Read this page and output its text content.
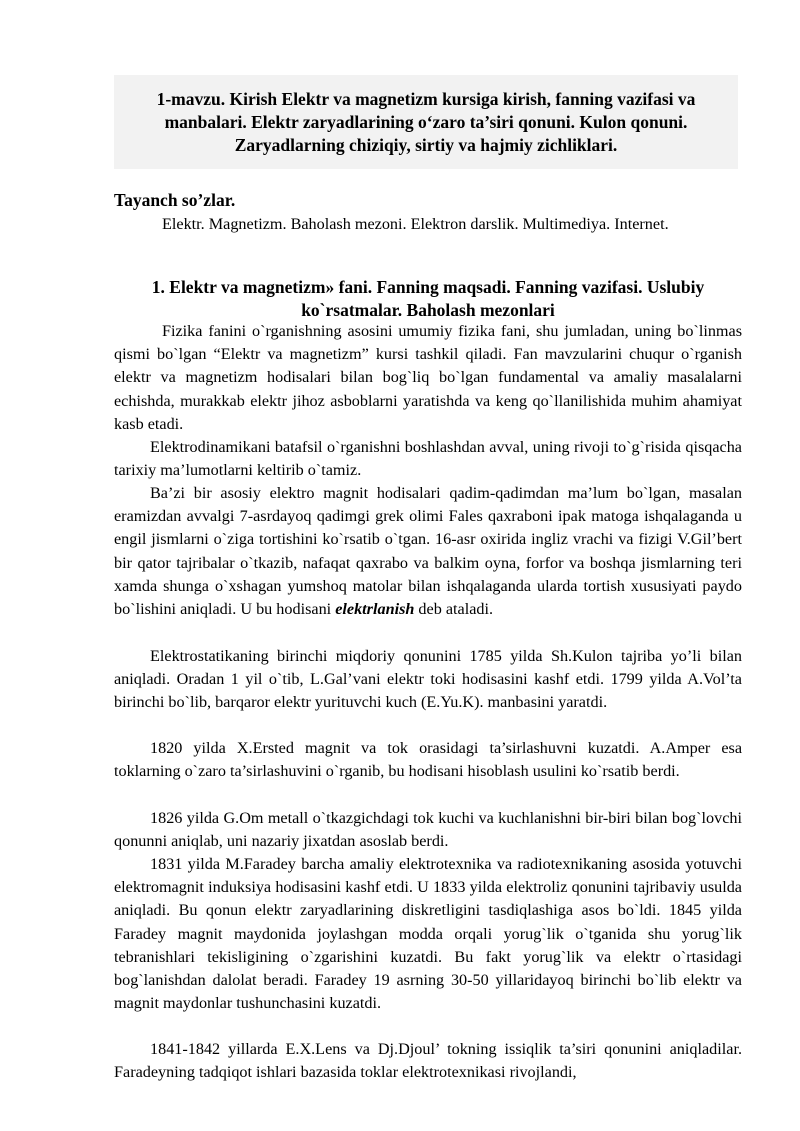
1-mavzu. Kirish Elektr va magnetizm kursiga kirish, fanning vazifasi va manbalari. Elektr zaryadlarining o‘zaro ta’siri qonuni. Kulon qonuni. Zaryadlarning chiziqiy, sirtiy va hajmiy zichliklari.

Tayanch so’zlar.

Elektr. Magnetizm. Baholash mezoni. Elektron darslik. Multimediya. Internet.

1. Elektr va magnetizm» fani. Fanning maqsadi. Fanning vazifasi. Uslubiy ko`rsatmalar. Baholash mezonlari

Fizika fanini o`rganishning asosini umumiy fizika fani, shu jumladan, uning bo`linmas qismi bo`lgan “Elektr va magnetizm” kursi tashkil qiladi. Fan mavzularini chuqur o`rganish elektr va magnetizm hodisalari bilan bog`liq bo`lgan fundamental va amaliy masalalarni echishda, murakkab elektr jihoz asboblarni yaratishda va keng qo`llanilishida muhim ahamiyat kasb etadi.

Elektrodinamikani batafsil o`rganishni boshlashdan avval, uning rivoji to`g`risida qisqacha tarixiy ma’lumotlarni keltirib o`tamiz.

Ba’zi bir asosiy elektro magnit hodisalari qadim-qadimdan ma’lum bo`lgan, masalan eramizdan avvalgi 7-asrdayoq qadimgi grek olimi Fales qaxraboni ipak matoga ishqalaganda u engil jismlarni o`ziga tortishini ko`rsatib o`tgan. 16-asr oxirida ingliz vrachi va fizigi V.Gil’bert bir qator tajribalar o`tkazib, nafaqat qaxrabo va balkim oyna, forfor va boshqa jismlarning teri xamda shunga o`xshagan yumshoq matolar bilan ishqalaganda ularda tortish xususiyati paydo bo`lishini aniqladi. U bu hodisani elektrlanish deb ataladi.

Elektrostatikaning birinchi miqdoriy qonunini 1785 yilda Sh.Kulon tajriba yo’li bilan aniqladi. Oradan 1 yil o`tib, L.Gal’vani elektr toki hodisasini kashf etdi. 1799 yilda A.Vol’ta birinchi bo`lib, barqaror elektr yurituvchi kuch (E.Yu.K). manbasini yaratdi.

1820 yilda X.Ersted magnit va tok orasidagi ta’sirlashuvni kuzatdi. A.Amper esa toklarning o`zaro ta’sirlashuvini o`rganib, bu hodisani hisoblash usulini ko`rsatib berdi.

1826 yilda G.Om metall o`tkazgichdagi tok kuchi va kuchlanishni bir-biri bilan bog`lovchi qonunni aniqlab, uni nazariy jixatdan asoslab berdi.

1831 yilda M.Faradey barcha amaliy elektrotexnika va radiotexnikaning asosida yotuvchi elektromagnit induksiya hodisasini kashf etdi. U 1833 yilda elektroliz qonunini tajribaviy usulda aniqladi. Bu qonun elektr zaryadlarining diskretligini tasdiqlashiga asos bo`ldi. 1845 yilda Faradey magnit maydonida joylashgan modda orqali yorug`lik o`tganida shu yorug`lik tebranishlari tekisligining o`zgarishini kuzatdi. Bu fakt yorug`lik va elektr o`rtasidagi bog`lanishdan dalolat beradi. Faradey 19 asrning 30-50 yillaridayoq birinchi bo`lib elektr va magnit maydonlar tushunchasini kuzatdi.

1841-1842 yillarda E.X.Lens va Dj.Djoul’ tokning issiqlik ta’siri qonunini aniqladilar. Faradeyning tadqiqot ishlari bazasida toklar elektrotexnikasi rivojlandi,
